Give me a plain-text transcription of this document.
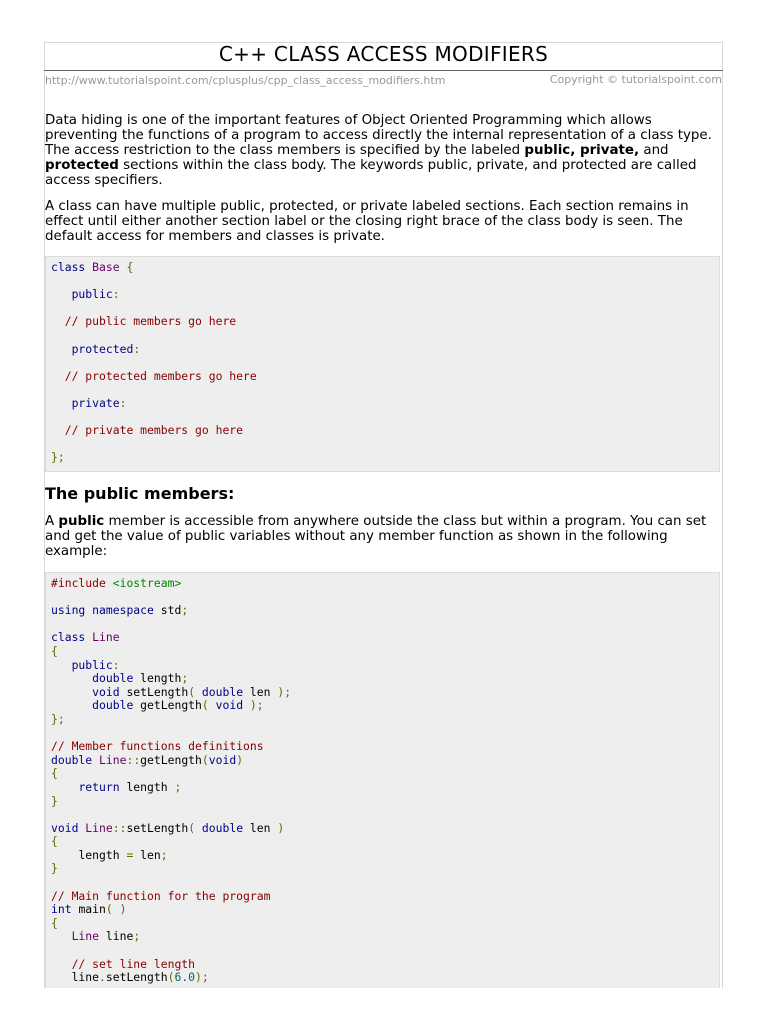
C++ CLASS ACCESS MODIFIERS
http://www.tutorialspoint.com/cplusplus/cpp_class_access_modifiers.htm	Copyright © tutorialspoint.com

Data hiding is one of the important features of Object Oriented Programming which allows preventing the functions of a program to access directly the internal representation of a class type. The access restriction to the class members is specified by the labeled public, private, and protected sections within the class body. The keywords public, private, and protected are called access specifiers.

A class can have multiple public, protected, or private labeled sections. Each section remains in effect until either another section label or the closing right brace of the class body is seen. The default access for members and classes is private.

class Base {
public:
// public members go here
protected:
// protected members go here
private:
// private members go here
};
The public members:

A public member is accessible from anywhere outside the class but within a program. You can set and get the value of public variables without any member function as shown in the following example:

#include <iostream>
using namespace std;
class Line
{
public:
double length;
void setLength( double len );
double getLength( void );
};
// Member functions definitions
double Line::getLength(void)
{
return length ;
}
void Line::setLength( double len )
{
length = len;
}
// Main function for the program
int main( )
{
Line line;
// set line length
line.setLength(6.0);
